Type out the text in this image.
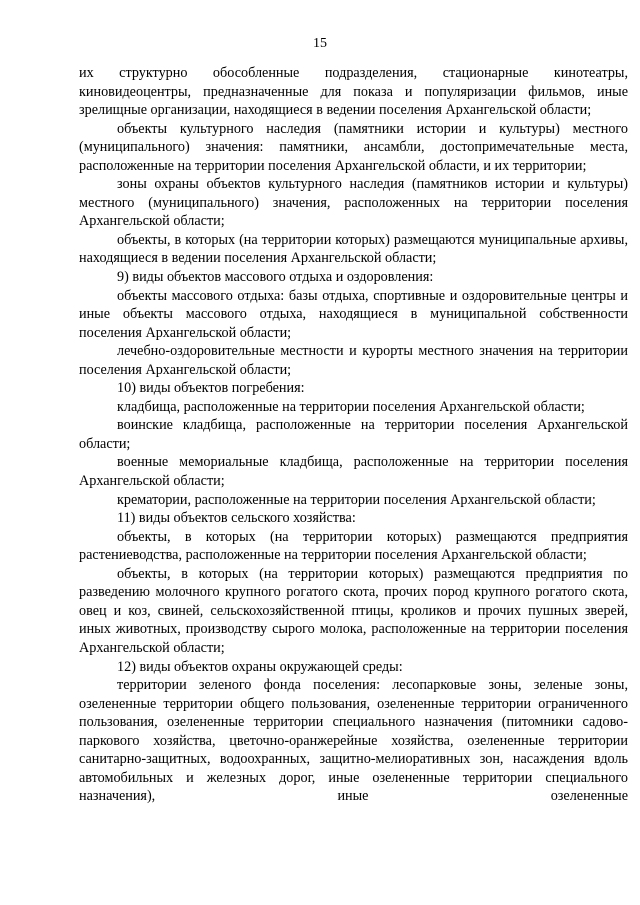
15

их структурно обособленные подразделения, стационарные кинотеатры, киновидеоцентры, предназначенные для показа и популяризации фильмов, иные зрелищные организации, находящиеся в ведении поселения Архангельской области;

объекты культурного наследия (памятники истории и культуры) местного (муниципального) значения: памятники, ансамбли, достопримечательные места, расположенные на территории поселения Архангельской области, и их территории;

зоны охраны объектов культурного наследия (памятников истории и культуры) местного (муниципального) значения, расположенных на территории поселения Архангельской области;

объекты, в которых (на территории которых) размещаются муниципальные архивы, находящиеся в ведении поселения Архангельской области;

9) виды объектов массового отдыха и оздоровления:

объекты массового отдыха: базы отдыха, спортивные и оздоровительные центры и иные объекты массового отдыха, находящиеся в муниципальной собственности поселения Архангельской области;

лечебно-оздоровительные местности и курорты местного значения на территории поселения Архангельской области;

10) виды объектов погребения:

кладбища, расположенные на территории поселения Архангельской области;

воинские кладбища, расположенные на территории поселения Архангельской области;

военные мемориальные кладбища, расположенные на территории поселения Архангельской области;

крематории, расположенные на территории поселения Архангельской области;

11) виды объектов сельского хозяйства:

объекты, в которых (на территории которых) размещаются предприятия растениеводства, расположенные на территории поселения Архангельской области;

объекты, в которых (на территории которых) размещаются предприятия по разведению молочного крупного рогатого скота, прочих пород крупного рогатого скота, овец и коз, свиней, сельскохозяйственной птицы, кроликов и прочих пушных зверей, иных животных, производству сырого молока, расположенные на территории поселения Архангельской области;

12) виды объектов охраны окружающей среды:

территории зеленого фонда поселения: лесопарковые зоны, зеленые зоны, озелененные территории общего пользования, озелененные территории ограниченного пользования, озелененные территории специального назначения (питомники садово-паркового хозяйства, цветочно-оранжерейные хозяйства, озелененные территории санитарно-защитных, водоохранных, защитно-мелиоративных зон, насаждения вдоль автомобильных и железных дорог, иные озелененные территории специального назначения), иные озелененные
